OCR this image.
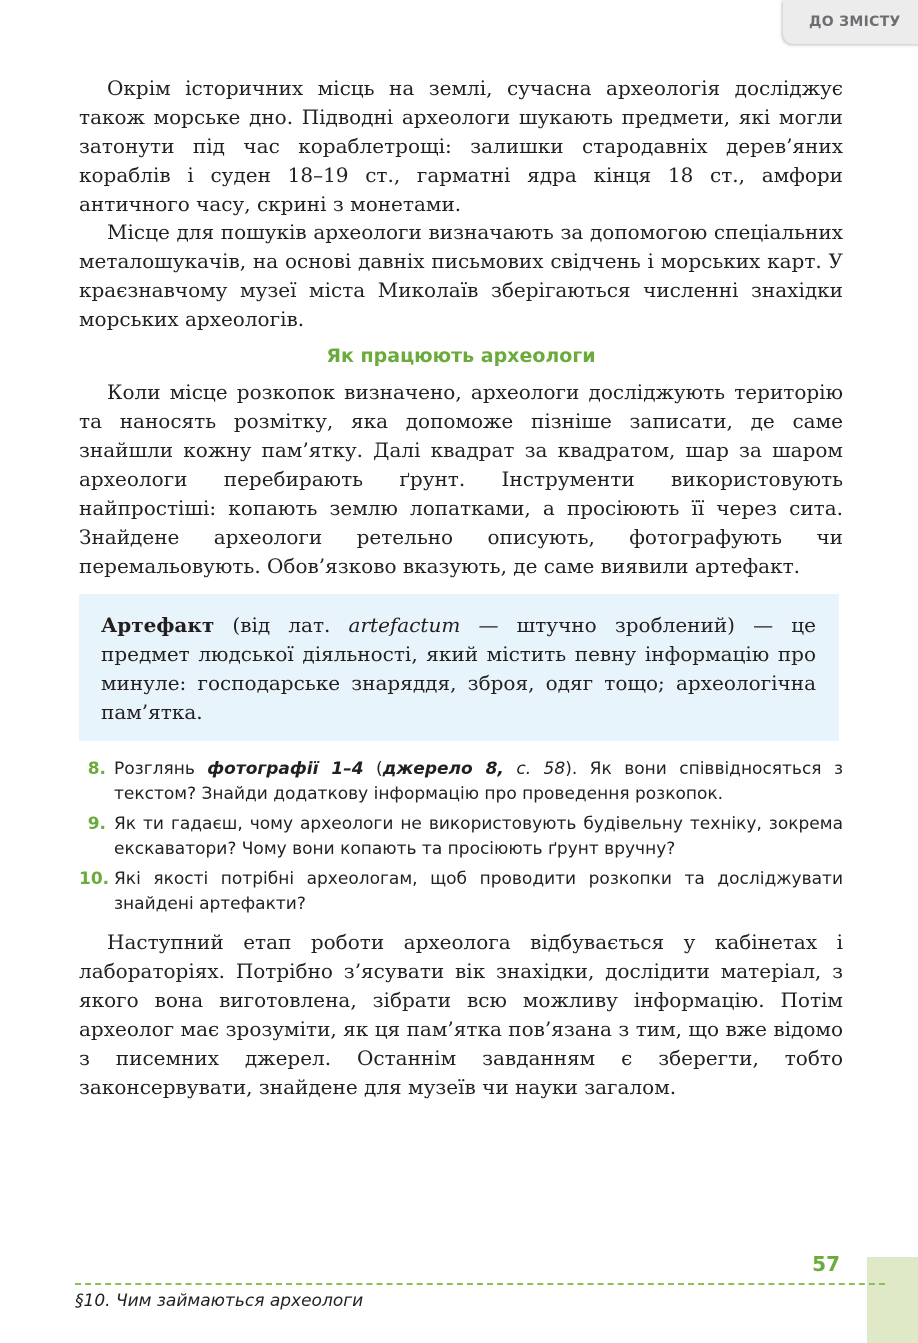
ДО ЗМІСТУ

Окрім історичних місць на землі, сучасна археологія досліджує також морське дно. Підводні археологи шукають предмети, які могли затонути під час кораблетрощі: залишки стародавніх дерев’яних кораблів і суден 18–19 ст., гарматні ядра кінця 18 ст., амфори античного часу, скрині з монетами.

Місце для пошуків археологи визначають за допомогою спеціальних металошукачів, на основі давніх письмових свідчень і морських карт. У краєзнавчому музеї міста Миколаїв зберігаються численні знахідки морських археологів.

Як працюють археологи

Коли місце розкопок визначено, археологи досліджують територію та наносять розмітку, яка допоможе пізніше записати, де саме знайшли кожну пам’ятку. Далі квадрат за квадратом, шар за шаром археологи перебирають ґрунт. Інструменти використовують найпростіші: копають землю лопатками, а просіюють її через сита. Знайдене археологи ретельно описують, фотографують чи перемальовують. Обов’язково вказують, де саме виявили артефакт.

Артефакт (від лат. artefactum — штучно зроблений) — це предмет людської діяльності, який містить певну інформацію про минуле: господарське знаряддя, зброя, одяг тощо; археологічна пам’ятка.

8. Розглянь фотографії 1–4 (джерело 8, с. 58). Як вони співвідносяться з текстом? Знайди додаткову інформацію про проведення розкопок.
9. Як ти гадаєш, чому археологи не використовують будівельну техніку, зокрема екскаватори? Чому вони копають та просіюють ґрунт вручну?
10. Які якості потрібні археологам, щоб проводити розкопки та досліджувати знайдені артефакти?

Наступний етап роботи археолога відбувається у кабінетах і лабораторіях. Потрібно з’ясувати вік знахідки, дослідити матеріал, з якого вона виготовлена, зібрати всю можливу інформацію. Потім археолог має зрозуміти, як ця пам’ятка пов’язана з тим, що вже відомо з писемних джерел. Останнім завданням є зберегти, тобто законсервувати, знайдене для музеїв чи науки загалом.

57
§10. Чим займаються археологи
